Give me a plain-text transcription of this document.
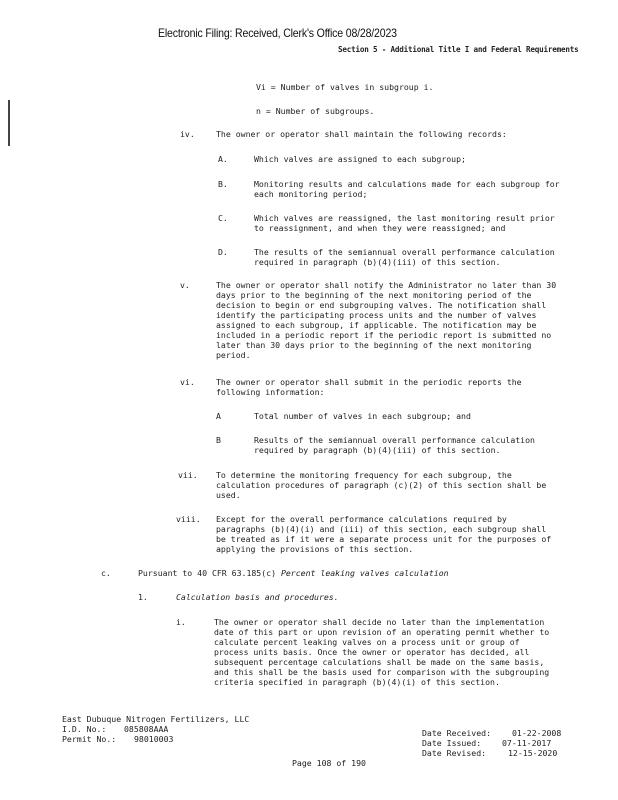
Electronic Filing: Received, Clerk's Office 08/28/2023
Section 5 - Additional Title I and Federal Requirements
Vi = Number of valves in subgroup i.
n = Number of subgroups.
iv.	The owner or operator shall maintain the following records:
A.	Which valves are assigned to each subgroup;
B.	Monitoring results and calculations made for each subgroup for
each monitoring period;
C.	Which valves are reassigned, the last monitoring result prior
to reassignment, and when they were reassigned; and
D.	The results of the semiannual overall performance calculation
required in paragraph (b)(4)(iii) of this section.
v.	The owner or operator shall notify the Administrator no later than 30
days prior to the beginning of the next monitoring period of the
decision to begin or end subgrouping valves. The notification shall
identify the participating process units and the number of valves
assigned to each subgroup, if applicable. The notification may be
included in a periodic report if the periodic report is submitted no
later than 30 days prior to the beginning of the next monitoring
period.
vi.	The owner or operator shall submit in the periodic reports the
following information:
A	Total number of valves in each subgroup; and
B	Results of the semiannual overall performance calculation
required by paragraph (b)(4)(iii) of this section.
vii. To determine the monitoring frequency for each subgroup, the
calculation procedures of paragraph (c)(2) of this section shall be
used.
viii. Except for the overall performance calculations required by
paragraphs (b)(4)(i) and (iii) of this section, each subgroup shall
be treated as if it were a separate process unit for the purposes of
applying the provisions of this section.
c.	Pursuant to 40 CFR 63.185(c) Percent leaking valves calculation
1.	Calculation basis and procedures.
i.	The owner or operator shall decide no later than the implementation
date of this part or upon revision of an operating permit whether to
calculate percent leaking valves on a process unit or group of
process units basis. Once the owner or operator has decided, all
subsequent percentage calculations shall be made on the same basis,
and this shall be the basis used for comparison with the subgrouping
criteria specified in paragraph (b)(4)(i) of this section.
East Dubuque Nitrogen Fertilizers, LLC
I.D. No.: 085808AAA
Permit No.: 98010003
Date Received:	01-22-2008
Date Issued:	07-11-2017
Date Revised:	12-15-2020
Page 108 of 190
